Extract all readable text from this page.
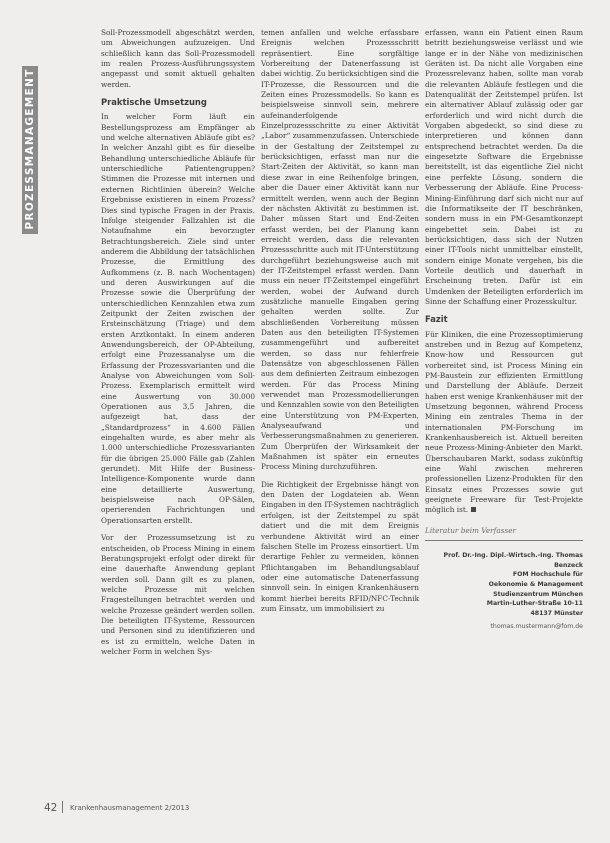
PROZESSMANAGEMENT

Soll-Prozessmodell abgeschätzt werden, um Abweichungen aufzuzeigen. Und schließlich kann das Soll-Prozessmodell im realen Prozess-Ausführungssystem angepasst und somit aktuell gehalten werden.

Praktische Umsetzung

In welcher Form läuft ein Bestellungsprozess am Empfänger ab und welche alternativen Abläufe gibt es? In welcher Anzahl gibt es für dieselbe Behandlung unterschiedliche Abläufe für unterschiedliche Patientengruppen? Stimmen die Prozesse mit internen und externen Richtlinien überein? Welche Ergebnisse existieren in einem Prozess? Dies sind typische Fragen in der Praxis. Infolge steigender Fallzahlen ist die Notaufnahme ein bevorzugter Betrachtungsbereich. Ziele sind unter anderem die Abbildung der tatsächlichen Prozesse, die Ermittlung des Aufkommens (z. B. nach Wochentagen) und deren Auswirkungen auf die Prozesse sowie die Überprüfung der unterschiedlichen Kennzahlen etwa zum Zeitpunkt der Zeiten zwischen der Ersteinschätzung (Triage) und dem ersten Arztkontakt. In einem anderen Anwendungsbereich, der OP-Abteilung, erfolgt eine Prozessanalyse um die Erfassung der Prozessvarianten und die Analyse von Abweichungen vom Soll-Prozess. Exemplarisch ermittelt wird eine Auswertung von 30.000 Operationen aus 3,5 Jahren, die aufgezeigt hat, dass der „Standardprozess“ in 4.600 Fällen eingehalten wurde, es aber mehr als 1.000 unterschiedliche Prozessvarianten für die übrigen 25.000 Fälle gab (Zahlen gerundet). Mit Hilfe der Business-Intelligence-Komponente wurde dann eine detaillierte Auswertung, beispielsweise nach OP-Sälen, operierenden Fachrichtungen und Operationsarten erstellt.

Vor der Prozessumsetzung ist zu entscheiden, ob Process Mining in einem Beratungsprojekt erfolgt oder direkt für eine dauerhafte Anwendung geplant werden soll. Dann gilt es zu planen, welche Prozesse mit welchen Fragestellungen betrachtet werden und welche Prozesse geändert werden sollen. Die beteiligten IT-Systeme, Ressourcen und Personen sind zu identifizieren und es ist zu ermitteln, welche Daten in welcher Form in welchen Sys-

temen anfallen und welche erfassbare Ereignis welchen Prozessschritt repräsentiert. Eine sorgfältige Vorbereitung der Datenerfassung ist dabei wichtig. Zu berücksichtigen sind die IT-Prozesse, die Ressourcen und die Zeiten eines Prozessmodells. So kann es beispielsweise sinnvoll sein, mehrere aufeinanderfolgende Einzelprozessschritte zu einer Aktivität „Labor“ zusammenzufassen. Unterschiede in der Gestaltung der Zeitstempel zu berücksichtigen, erfasst man nur die Start-Zeiten der Aktivität, so kann man diese zwar in eine Reihenfolge bringen, aber die Dauer einer Aktivität kann nur ermittelt werden, wenn auch der Beginn der nächsten Aktivität zu bestimmen ist. Daher müssen Start und End-Zeiten erfasst werden, bei der Planung kann erreicht werden, dass die relevanten Prozessschritte auch mit IT-Unterstützung durchgeführt beziehungsweise auch mit der IT-Zeitstempel erfasst werden. Dann muss ein neuer IT-Zeitstempel eingeführt werden, wobei der Aufwand durch zusätzliche manuelle Eingaben gering gehalten werden sollte. Zur abschließenden Vorbereitung müssen Daten aus den beteiligten IT-Systemen zusammengeführt und aufbereitet werden, so dass nur fehlerfreie Datensätze von abgeschlossenen Fällen aus dem definierten Zeitraum einbezogen werden. Für das Process Mining verwendet man Prozessmodellierungen und Kennzahlen sowie von den Beteiligten eine Unterstützung von PM-Experten, Analyseaufwand und Verbesserungsmaßnahmen zu generieren. Zum Überprüfen der Wirksamkeit der Maßnahmen ist später ein erneutes Process Mining durchzuführen.

Die Richtigkeit der Ergebnisse hängt von den Daten der Logdateien ab. Wenn Eingaben in den IT-Systemen nachträglich erfolgen, ist der Zeitstempel zu spät datiert und die mit dem Ereignis verbundene Aktivität wird an einer falschen Stelle im Prozess einsortiert. Um derartige Fehler zu vermeiden, können Pflichtangaben im Behandlungsablauf oder eine automatische Datenerfassung sinnvoll sein. In einigen Krankenhäusern kommt hierbei bereits RFID/NFC-Technik zum Einsatz, um immobilisiert zu

erfassen, wann ein Patient einen Raum betritt beziehungsweise verlässt und wie lange er in der Nähe von medizinischen Geräten ist. Da nicht alle Vorgaben eine Prozessrelevanz haben, sollte man vorab die relevanten Abläufe festlegen und die Datenqualität der Zeitstempel prüfen. Ist ein alternativer Ablauf zulässig oder gar erforderlich und wird nicht durch die Vorgaben abgedeckt, so sind diese zu interpretieren und können dann entsprechend betrachtet werden. Da die eingesetzte Software die Ergebnisse bereitstellt, ist das eigentliche Ziel nicht eine perfekte Lösung, sondern die Verbesserung der Abläufe. Eine Process-Mining-Einführung darf sich nicht nur auf die Informatikseite der IT beschränken, sondern muss in ein PM-Gesamtkonzept eingebettet sein. Dabei ist zu berücksichtigen, dass sich der Nutzen einer IT-Tools nicht unmittelbar einstellt, sondern einige Monate vergehen, bis die Vorteile deutlich und dauerhaft in Erscheinung treten. Dafür ist ein Umdenken der Beteiligten erforderlich im Sinne der Schaffung einer Prozesskultur.

Fazit

Für Kliniken, die eine Prozessoptimierung anstreben und in Bezug auf Kompetenz, Know-how und Ressourcen gut vorbereitet sind, ist Process Mining ein PM-Baustein zur effizienten Ermittlung und Darstellung der Abläufe. Derzeit haben erst wenige Krankenhäuser mit der Umsetzung begonnen, während Process Mining ein zentrales Thema in der internationalen PM-Forschung im Krankenhausbereich ist. Aktuell bereiten neue Prozess-Mining-Anbieter den Markt. Überschaubaren Markt, sodass zukünftig eine Wahl zwischen mehreren professionellen Lizenz-Produkten für den Einsatz eines Prozesses sowie gut geeignete Freeware für Test-Projekte möglich ist.

Literatur beim Verfasser
Prof. Dr.-Ing. Dipl.-Wirtsch.-Ing. Thomas Benzeck
FOM Hochschule für
Oekonomie & Management
Studienzentrum München
Martin-Luther-Straße 10-11
48137 Münster
thomas.mustermann@fom.de
42 Krankenhausmanagement 2/2013
